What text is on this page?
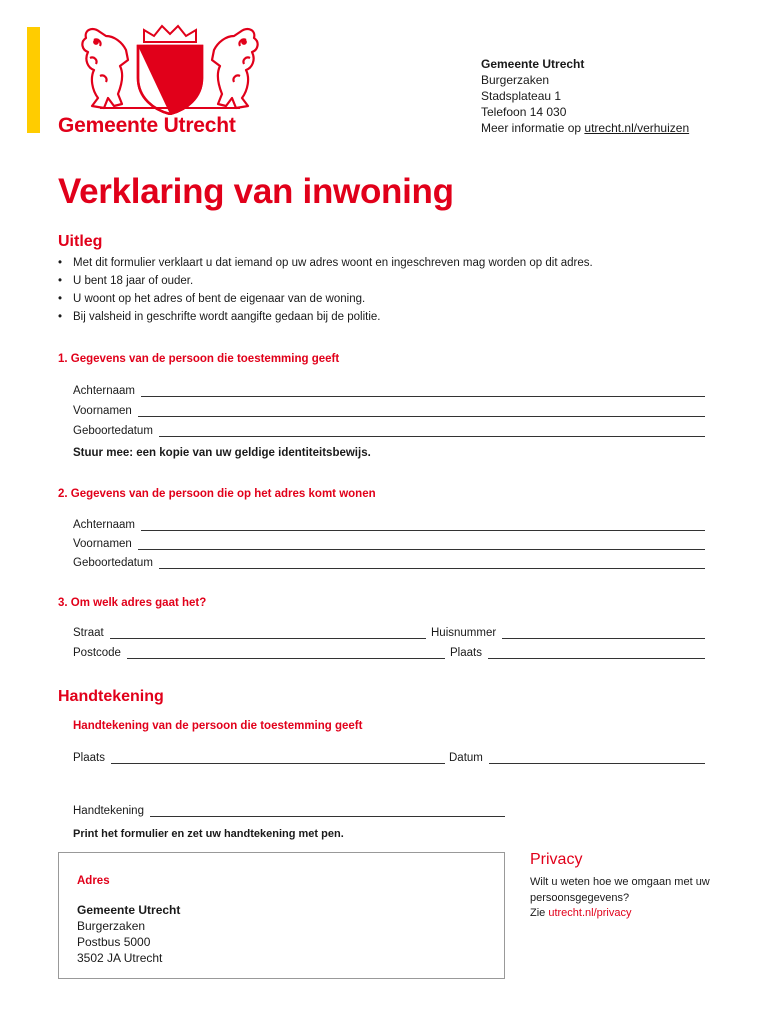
Gemeente Utrecht
Gemeente Utrecht
Burgerzaken
Stadsplateau 1
Telefoon 14 030
Meer informatie op utrecht.nl/verhuizen
Verklaring van inwoning
Uitleg
• Met dit formulier verklaart u dat iemand op uw adres woont en ingeschreven mag worden op dit adres.
• U bent 18 jaar of ouder.
• U woont op het adres of bent de eigenaar van de woning.
• Bij valsheid in geschrifte wordt aangifte gedaan bij de politie.
1. Gegevens van de persoon die toestemming geeft
Achternaam
Voornamen
Geboortedatum
Stuur mee: een kopie van uw geldige identiteitsbewijs.
2. Gegevens van de persoon die op het adres komt wonen
Achternaam
Voornamen
Geboortedatum
3. Om welk adres gaat het?
Straat	Huisnummer
Postcode	Plaats
Handtekening
Handtekening van de persoon die toestemming geeft
Plaats	Datum
Handtekening
Print het formulier en zet uw handtekening met pen.
Adres
Gemeente Utrecht
Burgerzaken
Postbus 5000
3502 JA Utrecht
Privacy
Wilt u weten hoe we omgaan met uw persoonsgegevens?
Zie utrecht.nl/privacy
